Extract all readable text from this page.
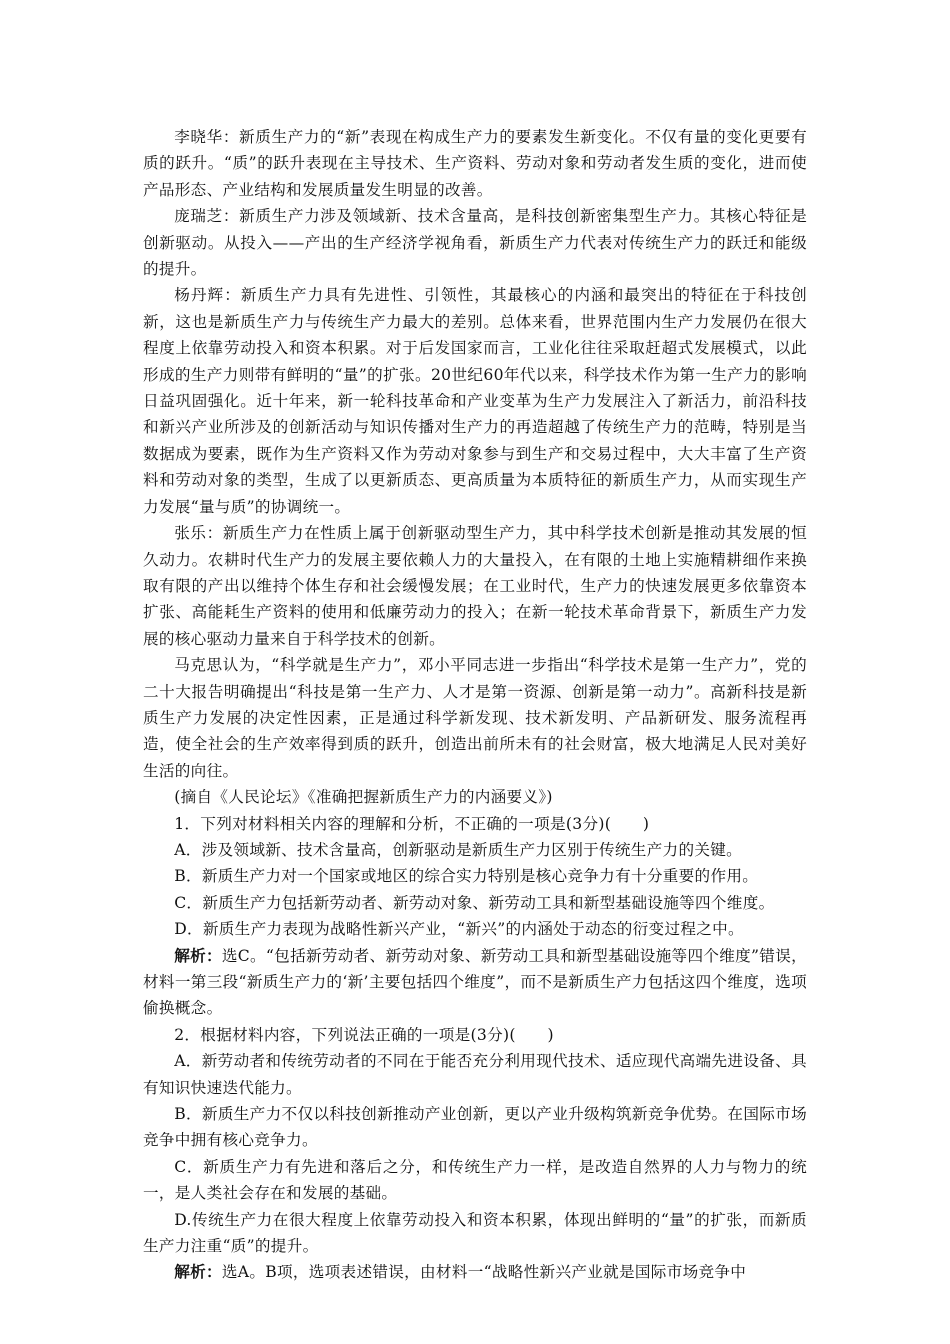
李晓华：新质生产力的“新”表现在构成生产力的要素发生新变化。不仅有量的变化更要有质的跃升。“质”的跃升表现在主导技术、生产资料、劳动对象和劳动者发生质的变化，进而使产品形态、产业结构和发展质量发生明显的改善。

庞瑞芝：新质生产力涉及领域新、技术含量高，是科技创新密集型生产力。其核心特征是创新驱动。从投入——产出的生产经济学视角看，新质生产力代表对传统生产力的跃迁和能级的提升。

杨丹辉：新质生产力具有先进性、引领性，其最核心的内涵和最突出的特征在于科技创新，这也是新质生产力与传统生产力最大的差别。总体来看，世界范围内生产力发展仍在很大程度上依靠劳动投入和资本积累。对于后发国家而言，工业化往往采取赶超式发展模式，以此形成的生产力则带有鲜明的“量”的扩张。20世纪60年代以来，科学技术作为第一生产力的影响日益巩固强化。近十年来，新一轮科技革命和产业变革为生产力发展注入了新活力，前沿科技和新兴产业所涉及的创新活动与知识传播对生产力的再造超越了传统生产力的范畴，特别是当数据成为要素，既作为生产资料又作为劳动对象参与到生产和交易过程中，大大丰富了生产资料和劳动对象的类型，生成了以更新质态、更高质量为本质特征的新质生产力，从而实现生产力发展“量与质”的协调统一。

张乐：新质生产力在性质上属于创新驱动型生产力，其中科学技术创新是推动其发展的恒久动力。农耕时代生产力的发展主要依赖人力的大量投入，在有限的土地上实施精耕细作来换取有限的产出以维持个体生存和社会缓慢发展；在工业时代，生产力的快速发展更多依靠资本扩张、高能耗生产资料的使用和低廉劳动力的投入；在新一轮技术革命背景下，新质生产力发展的核心驱动力量来自于科学技术的创新。

马克思认为，“科学就是生产力”，邓小平同志进一步指出“科学技术是第一生产力”，党的二十大报告明确提出“科技是第一生产力、人才是第一资源、创新是第一动力”。高新科技是新质生产力发展的决定性因素，正是通过科学新发现、技术新发明、产品新研发、服务流程再造，使全社会的生产效率得到质的跃升，创造出前所未有的社会财富，极大地满足人民对美好生活的向往。

(摘自《人民论坛》《准确把握新质生产力的内涵要义》)

1．下列对材料相关内容的理解和分析，不正确的一项是(3分)(　　)

A．涉及领域新、技术含量高，创新驱动是新质生产力区别于传统生产力的关键。

B．新质生产力对一个国家或地区的综合实力特别是核心竞争力有十分重要的作用。

C．新质生产力包括新劳动者、新劳动对象、新劳动工具和新型基础设施等四个维度。

D．新质生产力表现为战略性新兴产业，“新兴”的内涵处于动态的衍变过程之中。

解析：选C。“包括新劳动者、新劳动对象、新劳动工具和新型基础设施等四个维度”错误，材料一第三段“新质生产力的‘新’主要包括四个维度”，而不是新质生产力包括这四个维度，选项偷换概念。

2．根据材料内容，下列说法正确的一项是(3分)(　　)

A．新劳动者和传统劳动者的不同在于能否充分利用现代技术、适应现代高端先进设备、具有知识快速迭代能力。

B．新质生产力不仅以科技创新推动产业创新，更以产业升级构筑新竞争优势。在国际市场竞争中拥有核心竞争力。

C．新质生产力有先进和落后之分，和传统生产力一样，是改造自然界的人力与物力的统一，是人类社会存在和发展的基础。

D.传统生产力在很大程度上依靠劳动投入和资本积累，体现出鲜明的“量”的扩张，而新质生产力注重“质”的提升。

解析：选A。B项，选项表述错误，由材料一“战略性新兴产业就是国际市场竞争中
